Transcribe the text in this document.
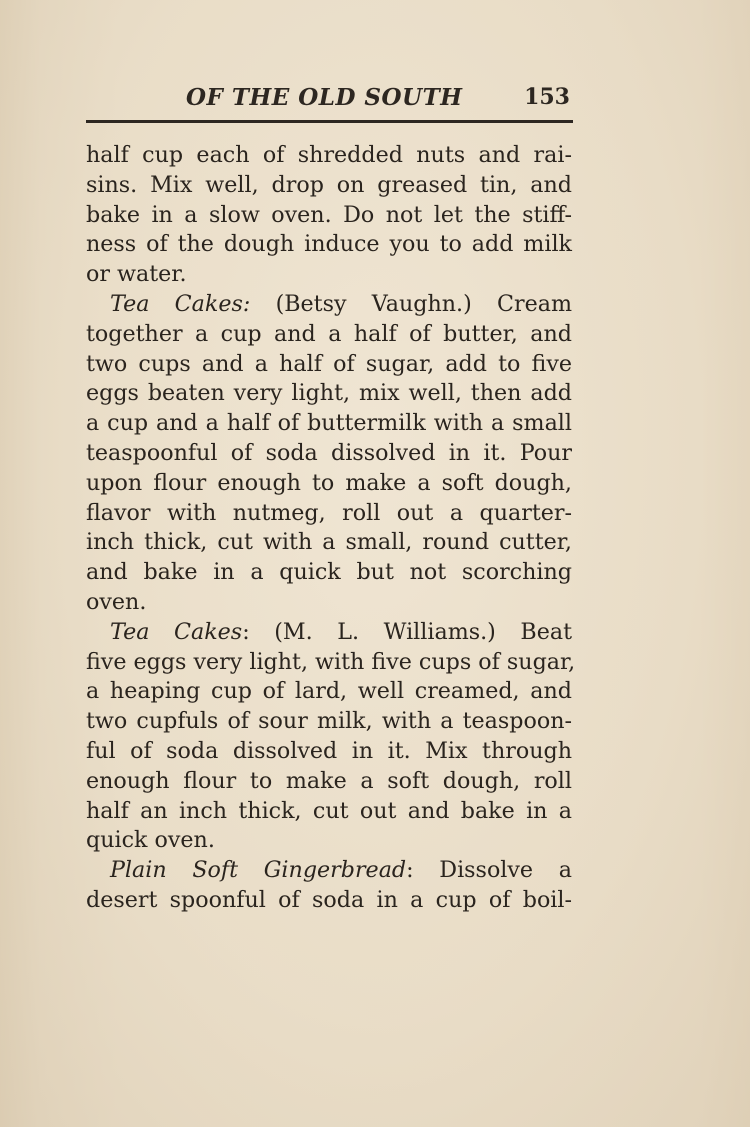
OF THE OLD SOUTH	153
half cup each of shredded nuts and rai-
sins. Mix well, drop on greased tin, and
bake in a slow oven. Do not let the stiff-
ness of the dough induce you to add milk
or water.
Tea Cakes: (Betsy Vaughn.) Cream
together a cup and a half of butter, and
two cups and a half of sugar, add to five
eggs beaten very light, mix well, then add
a cup and a half of buttermilk with a small
teaspoonful of soda dissolved in it. Pour
upon flour enough to make a soft dough,
flavor with nutmeg, roll out a quarter-
inch thick, cut with a small, round cutter,
and bake in a quick but not scorching
oven.
Tea Cakes: (M. L. Williams.) Beat
five eggs very light, with five cups of sugar,
a heaping cup of lard, well creamed, and
two cupfuls of sour milk, with a teaspoon-
ful of soda dissolved in it. Mix through
enough flour to make a soft dough, roll
half an inch thick, cut out and bake in a
quick oven.
Plain Soft Gingerbread: Dissolve a
desert spoonful of soda in a cup of boil-
